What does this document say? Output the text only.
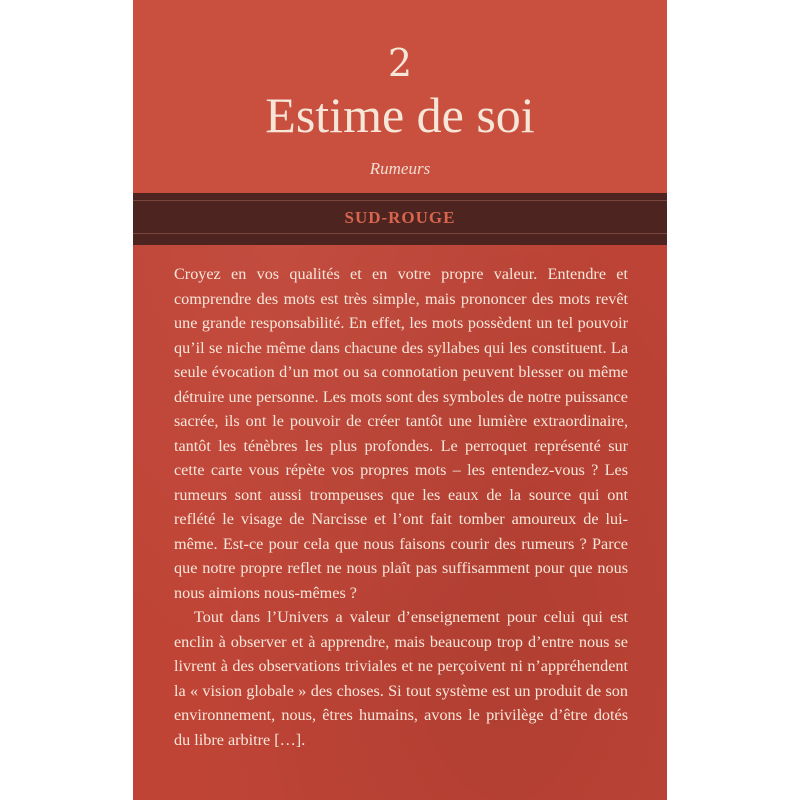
2
Estime de soi
Rumeurs
SUD-ROUGE

Croyez en vos qualités et en votre propre valeur. Entendre et comprendre des mots est très simple, mais prononcer des mots revêt une grande responsabilité. En effet, les mots possèdent un tel pouvoir qu’il se niche même dans chacune des syllabes qui les constituent. La seule évocation d’un mot ou sa connotation peuvent blesser ou même détruire une personne. Les mots sont des symboles de notre puissance sacrée, ils ont le pouvoir de créer tantôt une lumière extraordinaire, tantôt les ténèbres les plus profondes. Le perroquet représenté sur cette carte vous répète vos propres mots – les entendez-vous ? Les rumeurs sont aussi trompeuses que les eaux de la source qui ont reflété le visage de Narcisse et l’ont fait tomber amoureux de lui-même. Est-ce pour cela que nous faisons courir des rumeurs ? Parce que notre propre reflet ne nous plaît pas suffisamment pour que nous nous aimions nous-mêmes ?

Tout dans l’Univers a valeur d’enseignement pour celui qui est enclin à observer et à apprendre, mais beaucoup trop d’entre nous se livrent à des observations triviales et ne perçoivent ni n’appréhendent la « vision globale » des choses. Si tout système est un produit de son environnement, nous, êtres humains, avons le privilège d’être dotés du libre arbitre […].
